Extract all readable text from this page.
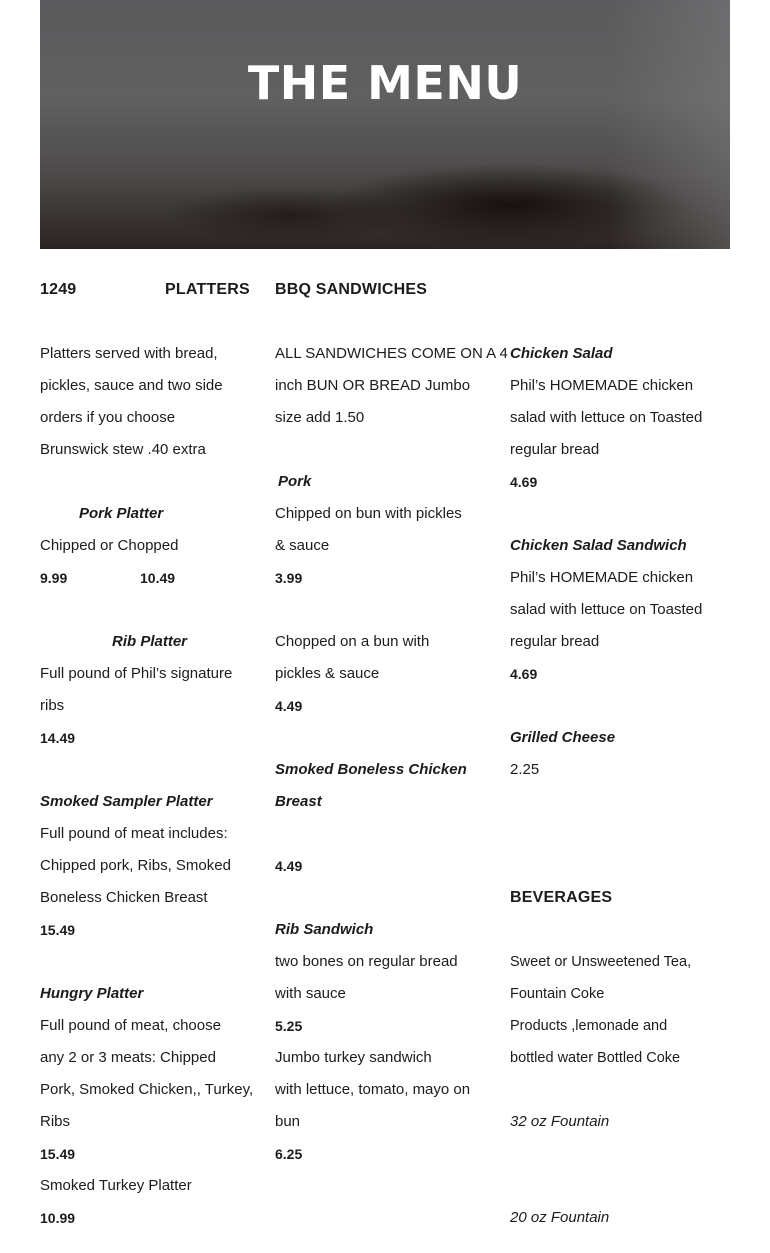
THE MENU
1249	PLATTERS
Platters served with bread,
pickles, sauce and two side
orders if you choose
Brunswick stew .40 extra
Pork Platter
Chipped or Chopped
9.99	10.49
Rib Platter
Full pound of Phil’s signature
ribs
14.49
Smoked Sampler Platter
Full pound of meat includes:
Chipped pork, Ribs, Smoked
Boneless Chicken Breast
15.49
Hungry Platter
Full pound of meat, choose
any 2 or 3 meats: Chipped
Pork, Smoked Chicken,, Turkey,
Ribs
15.49
Smoked Turkey Platter
10.99
BBQ SANDWICHES
ALL SANDWICHES COME ON A 4
inch BUN OR BREAD Jumbo
size add 1.50
Pork
Chipped on bun with pickles
& sauce
3.99
Chopped on a bun with
pickles & sauce
4.49
Smoked Boneless Chicken
Breast
4.49
Rib Sandwich
two bones on regular bread
with sauce
5.25
Jumbo turkey sandwich
with lettuce, tomato, mayo on
bun
6.25
Chicken Salad
Phil’s HOMEMADE chicken
salad with lettuce on Toasted
regular bread
4.69
Chicken Salad Sandwich
Phil’s HOMEMADE chicken
salad with lettuce on Toasted
regular bread
4.69
Grilled Cheese
2.25
BEVERAGES
Sweet or Unsweetened Tea,
Fountain Coke
Products ,lemonade and
bottled water Bottled Coke
32 oz Fountain
20 oz Fountain
